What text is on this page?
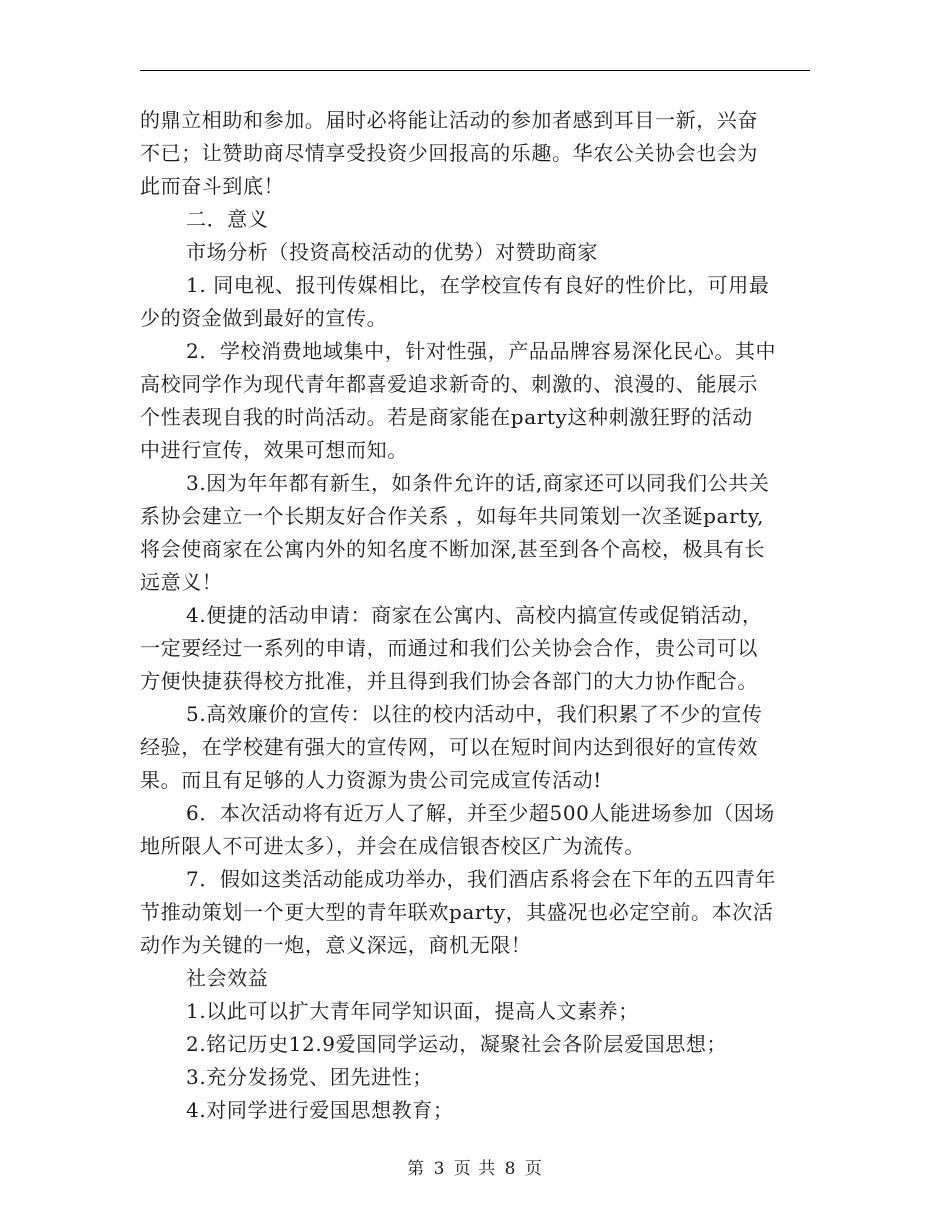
的鼎立相助和参加。届时必将能让活动的参加者感到耳目一新，兴奋
不已；让赞助商尽情享受投资少回报高的乐趣。华农公关协会也会为
此而奋斗到底！
二．意义
市场分析（投资高校活动的优势）对赞助商家
1. 同电视、报刊传媒相比，在学校宣传有良好的性价比，可用最
少的资金做到最好的宣传。
2．学校消费地域集中，针对性强，产品品牌容易深化民心。其中
高校同学作为现代青年都喜爱追求新奇的、刺激的、浪漫的、能展示
个性表现自我的时尚活动。若是商家能在party这种刺激狂野的活动
中进行宣传，效果可想而知。
3.因为年年都有新生，如条件允许的话,商家还可以同我们公共关
系协会建立一个长期友好合作关系 ，如每年共同策划一次圣诞party,
将会使商家在公寓内外的知名度不断加深,甚至到各个高校，极具有长
远意义！
4.便捷的活动申请：商家在公寓内、高校内搞宣传或促销活动，
一定要经过一系列的申请，而通过和我们公关协会合作，贵公司可以
方便快捷获得校方批准，并且得到我们协会各部门的大力协作配合。
5.高效廉价的宣传：以往的校内活动中，我们积累了不少的宣传
经验，在学校建有强大的宣传网，可以在短时间内达到很好的宣传效
果。而且有足够的人力资源为贵公司完成宣传活动!
6．本次活动将有近万人了解，并至少超500人能进场参加（因场
地所限人不可进太多），并会在成信银杏校区广为流传。
7．假如这类活动能成功举办，我们酒店系将会在下年的五四青年
节推动策划一个更大型的青年联欢party，其盛况也必定空前。本次活
动作为关键的一炮，意义深远，商机无限！
社会效益
1.以此可以扩大青年同学知识面，提高人文素养；
2.铭记历史12.9爱国同学运动，凝聚社会各阶层爱国思想；
3.充分发扬党、团先进性；
4.对同学进行爱国思想教育；
第 3 页 共 8 页
